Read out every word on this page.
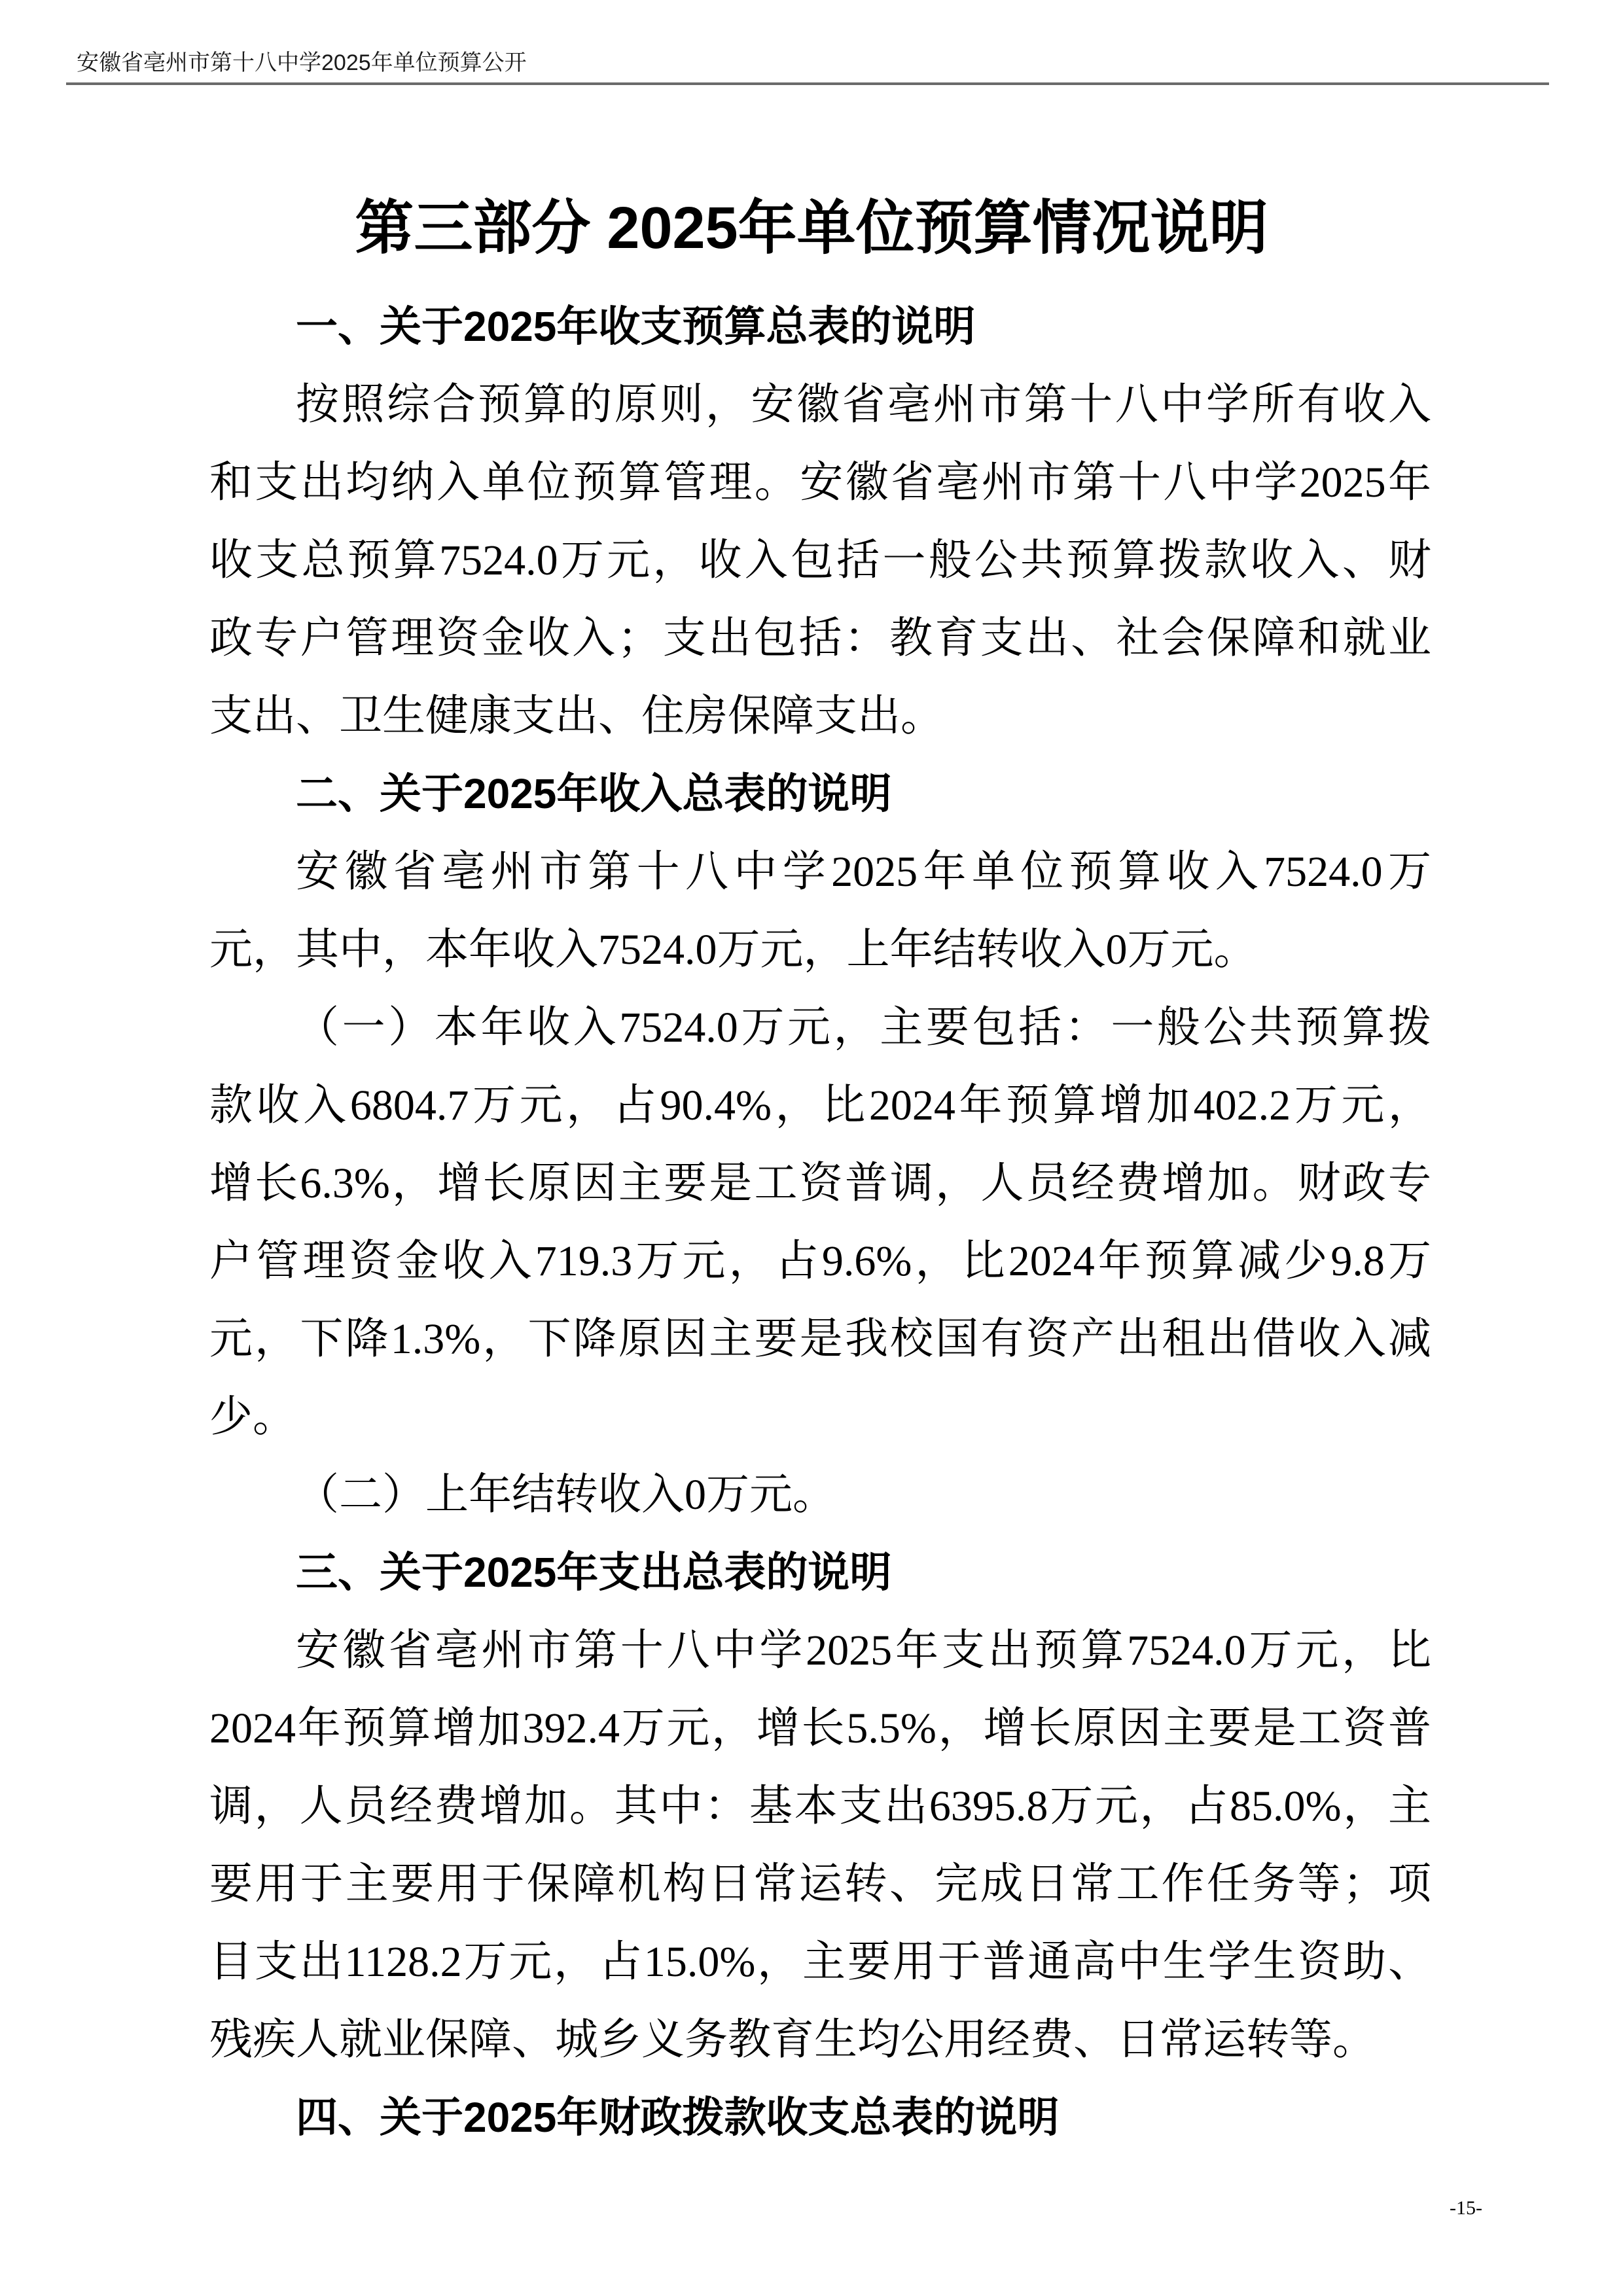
安徽省亳州市第十八中学2025年单位预算公开
第三部分 2025年单位预算情况说明
一、关于2025年收支预算总表的说明
按照综合预算的原则，安徽省亳州市第十八中学所有收入
和支出均纳入单位预算管理。安徽省亳州市第十八中学2025年
收支总预算7524.0万元，收入包括一般公共预算拨款收入、财
政专户管理资金收入；支出包括：教育支出、社会保障和就业
支出、卫生健康支出、住房保障支出。
二、关于2025年收入总表的说明
安徽省亳州市第十八中学2025年单位预算收入7524.0万
元，其中，本年收入7524.0万元，上年结转收入0万元。
（一）本年收入7524.0万元，主要包括：一般公共预算拨
款收入6804.7万元，占90.4%，比2024年预算增加402.2万元，
增长6.3%，增长原因主要是工资普调，人员经费增加。财政专
户管理资金收入719.3万元，占9.6%，比2024年预算减少9.8万
元，下降1.3%，下降原因主要是我校国有资产出租出借收入减
少。
（二）上年结转收入0万元。
三、关于2025年支出总表的说明
安徽省亳州市第十八中学2025年支出预算7524.0万元，比
2024年预算增加392.4万元，增长5.5%，增长原因主要是工资普
调，人员经费增加。其中：基本支出6395.8万元，占85.0%，主
要用于主要用于保障机构日常运转、完成日常工作任务等；项
目支出1128.2万元，占15.0%，主要用于普通高中生学生资助、
残疾人就业保障、城乡义务教育生均公用经费、日常运转等。
四、关于2025年财政拨款收支总表的说明
-15-
